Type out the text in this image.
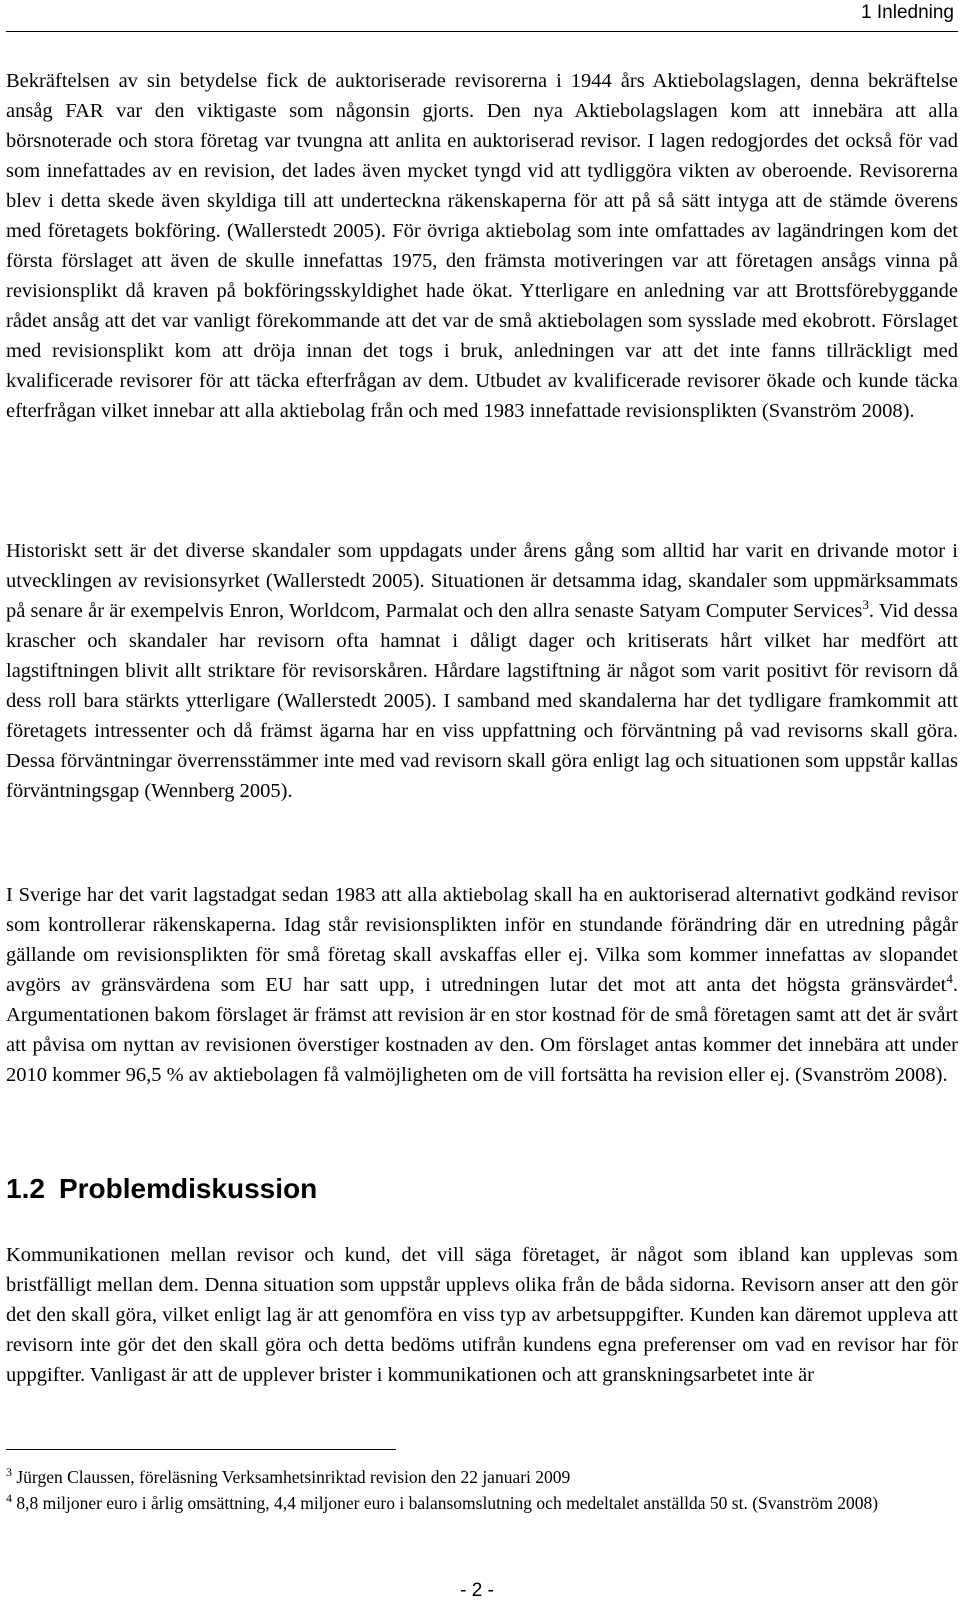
1 Inledning

Bekräftelsen av sin betydelse fick de auktoriserade revisorerna i 1944 års Aktiebolagslagen, denna bekräftelse ansåg FAR var den viktigaste som någonsin gjorts. Den nya Aktiebolagslagen kom att innebära att alla börsnoterade och stora företag var tvungna att anlita en auktoriserad revisor. I lagen redogjordes det också för vad som innefattades av en revision, det lades även mycket tyngd vid att tydliggöra vikten av oberoende. Revisorerna blev i detta skede även skyldiga till att underteckna räkenskaperna för att på så sätt intyga att de stämde överens med företagets bokföring. (Wallerstedt 2005). För övriga aktiebolag som inte omfattades av lagändringen kom det första förslaget att även de skulle innefattas 1975, den främsta motiveringen var att företagen ansågs vinna på revisionsplikt då kraven på bokföringsskyldighet hade ökat. Ytterligare en anledning var att Brottsförebyggande rådet ansåg att det var vanligt förekommande att det var de små aktiebolagen som sysslade med ekobrott. Förslaget med revisionsplikt kom att dröja innan det togs i bruk, anledningen var att det inte fanns tillräckligt med kvalificerade revisorer för att täcka efterfrågan av dem. Utbudet av kvalificerade revisorer ökade och kunde täcka efterfrågan vilket innebar att alla aktiebolag från och med 1983 innefattade revisionsplikten (Svanström 2008).

Historiskt sett är det diverse skandaler som uppdagats under årens gång som alltid har varit en drivande motor i utvecklingen av revisionsyrket (Wallerstedt 2005). Situationen är detsamma idag, skandaler som uppmärksammats på senare år är exempelvis Enron, Worldcom, Parmalat och den allra senaste Satyam Computer Services$^3$. Vid dessa krascher och skandaler har revisorn ofta hamnat i dåligt dager och kritiserats hårt vilket har medfört att lagstiftningen blivit allt striktare för revisorskåren. Hårdare lagstiftning är något som varit positivt för revisorn då dess roll bara stärkts ytterligare (Wallerstedt 2005). I samband med skandalerna har det tydligare framkommit att företagets intressenter och då främst ägarna har en viss uppfattning och förväntning på vad revisorns skall göra. Dessa förväntningar överrensstämmer inte med vad revisorn skall göra enligt lag och situationen som uppstår kallas förväntningsgap (Wennberg 2005).

I Sverige har det varit lagstadgat sedan 1983 att alla aktiebolag skall ha en auktoriserad alternativt godkänd revisor som kontrollerar räkenskaperna. Idag står revisionsplikten inför en stundande förändring där en utredning pågår gällande om revisionsplikten för små företag skall avskaffas eller ej. Vilka som kommer innefattas av slopandet avgörs av gränsvärdena som EU har satt upp, i utredningen lutar det mot att anta det högsta gränsvärdet$^4$. Argumentationen bakom förslaget är främst att revision är en stor kostnad för de små företagen samt att det är svårt att påvisa om nyttan av revisionen överstiger kostnaden av den. Om förslaget antas kommer det innebära att under 2010 kommer 96,5 % av aktiebolagen få valmöjligheten om de vill fortsätta ha revision eller ej. (Svanström 2008).

1.2 Problemdiskussion

Kommunikationen mellan revisor och kund, det vill säga företaget, är något som ibland kan upplevas som bristfälligt mellan dem. Denna situation som uppstår upplevs olika från de båda sidorna. Revisorn anser att den gör det den skall göra, vilket enligt lag är att genomföra en viss typ av arbetsuppgifter. Kunden kan däremot uppleva att revisorn inte gör det den skall göra och detta bedöms utifrån kundens egna preferenser om vad en revisor har för uppgifter. Vanligast är att de upplever brister i kommunikationen och att granskningsarbetet inte är

$^3$ Jürgen Claussen, föreläsning Verksamhetsinriktad revision den 22 januari 2009

$^4$ 8,8 miljoner euro i årlig omsättning, 4,4 miljoner euro i balansomslutning och medeltalet anställda 50 st. (Svanström 2008)

- 2 -
